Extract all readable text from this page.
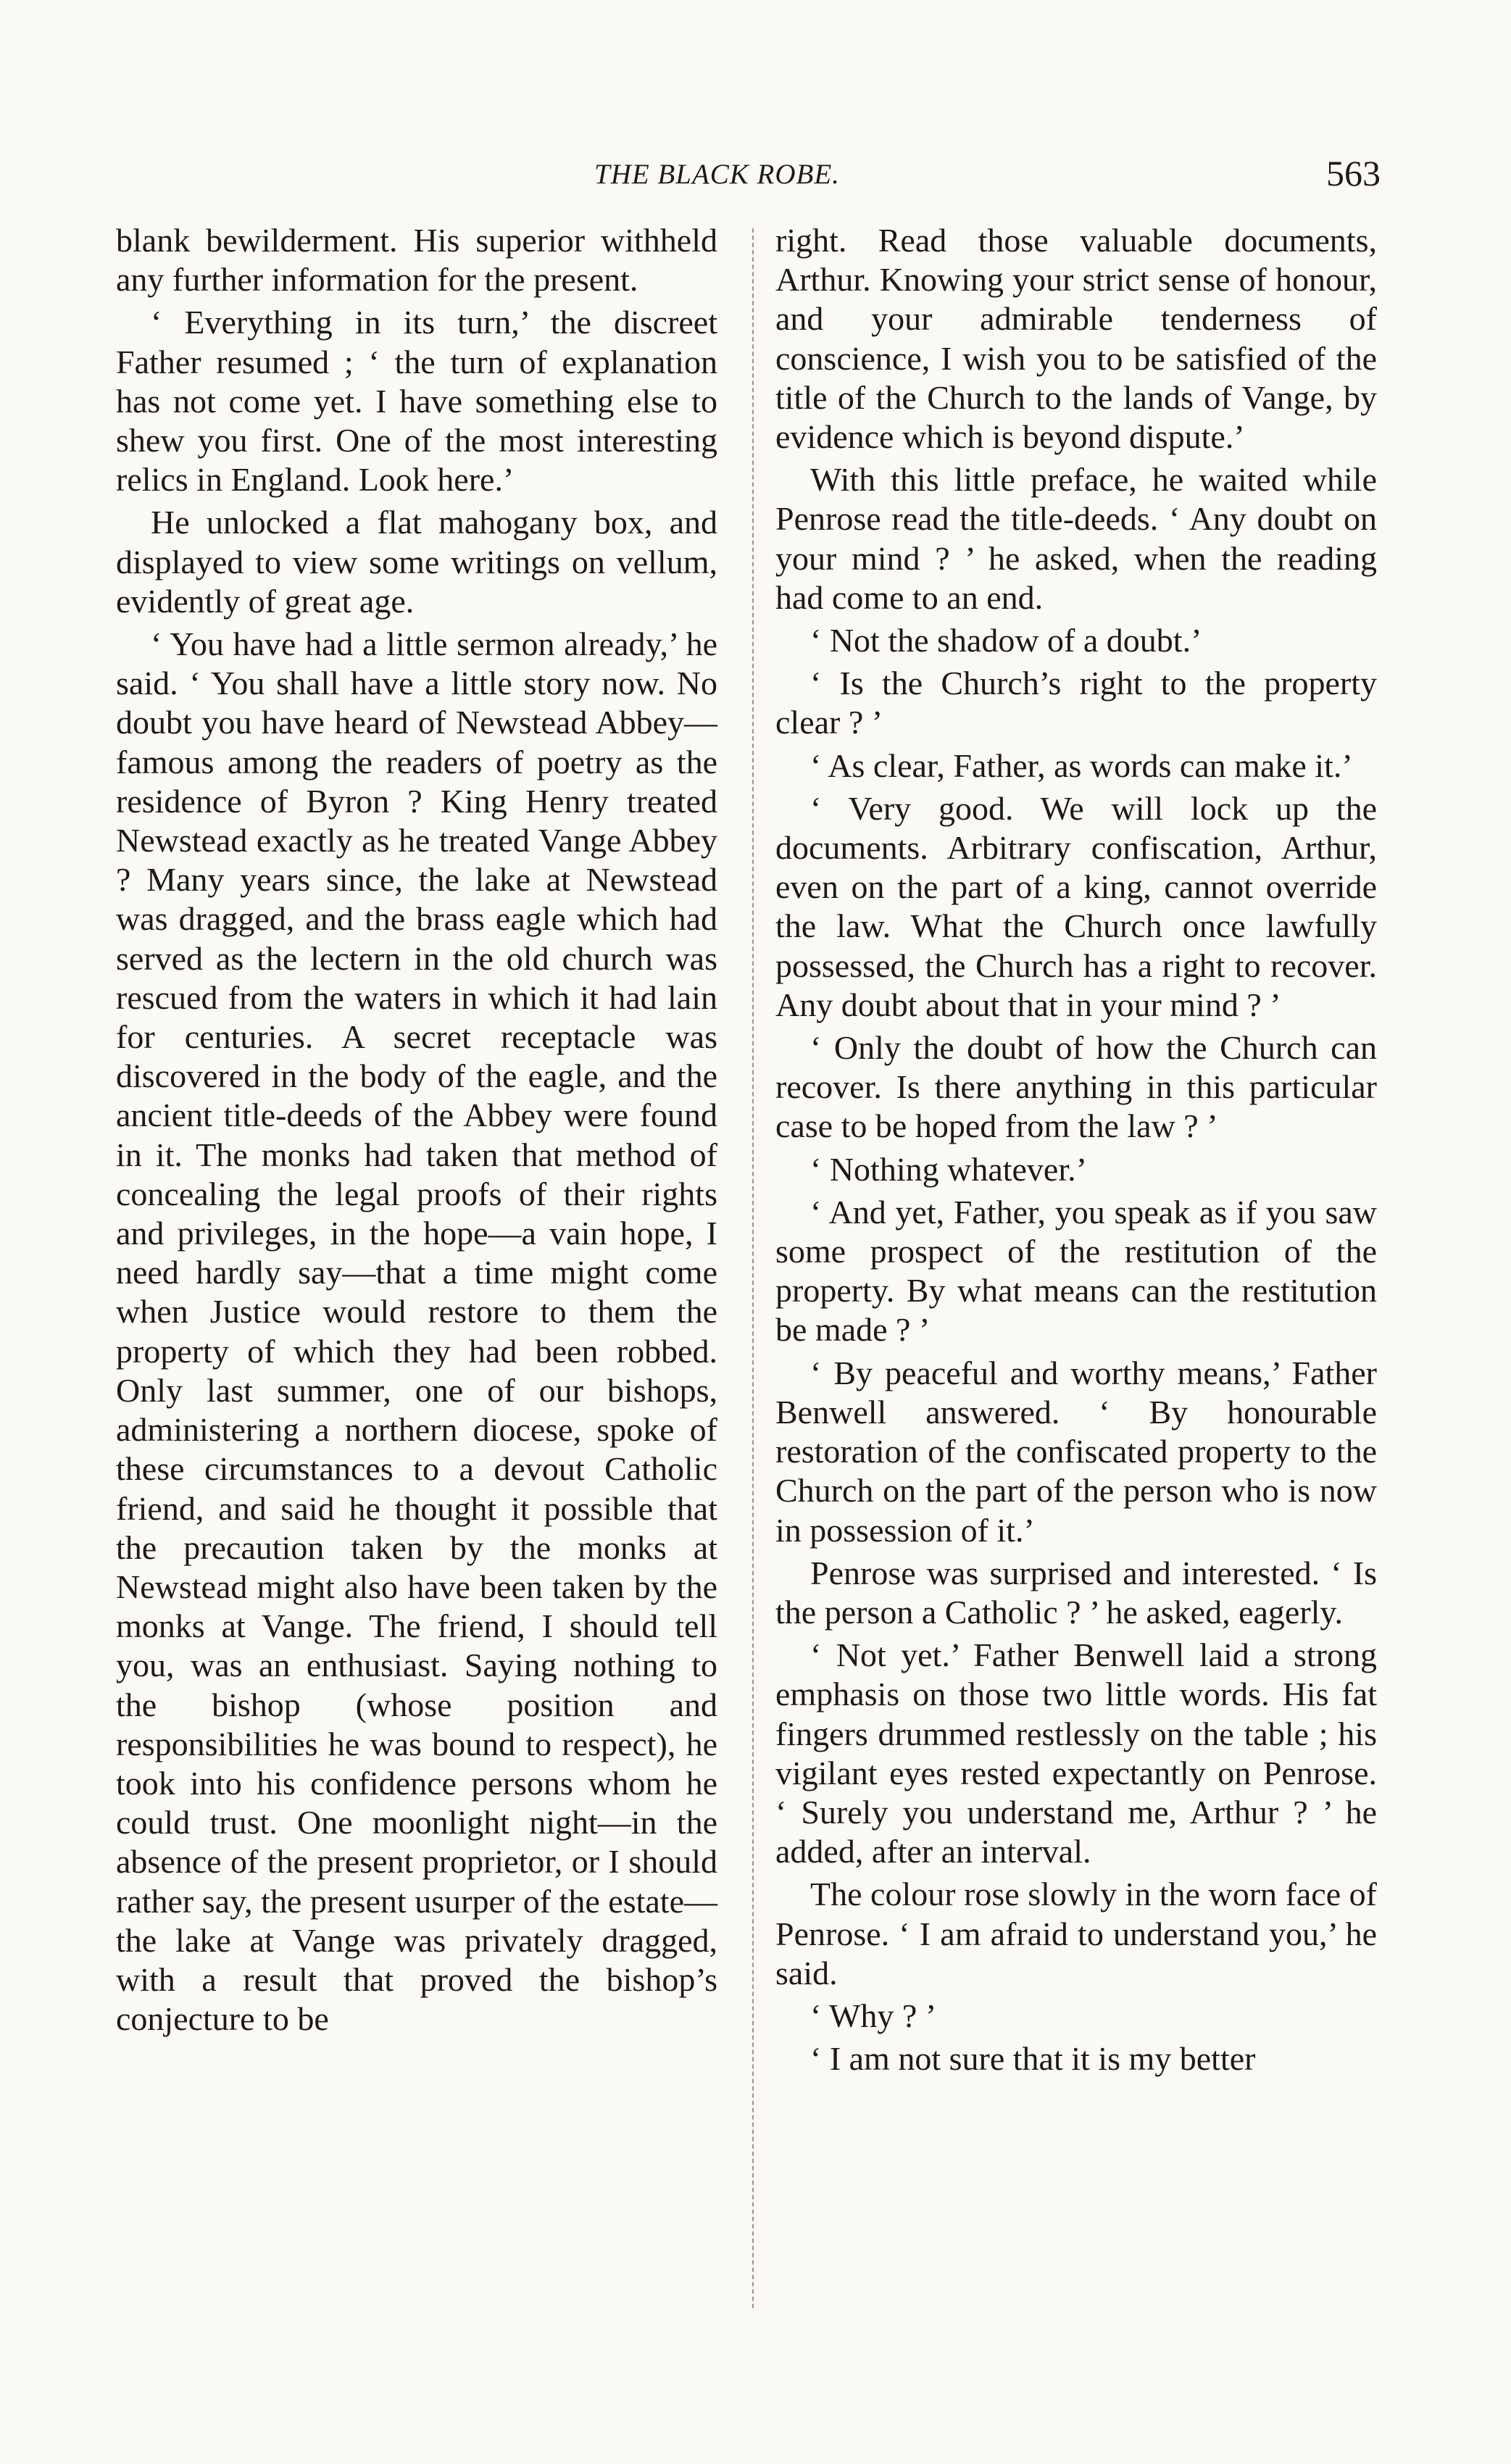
THE BLACK ROBE.	563

blank bewilderment. His superior withheld any further information for the present.

‘ Everything in its turn,’ the discreet Father resumed ; ‘ the turn of explanation has not come yet. I have something else to shew you first. One of the most interesting relics in England. Look here.’

He unlocked a flat mahogany box, and displayed to view some writings on vellum, evidently of great age.

‘ You have had a little sermon already,’ he said. ‘ You shall have a little story now. No doubt you have heard of Newstead Abbey—famous among the readers of poetry as the residence of Byron ? King Henry treated Newstead exactly as he treated Vange Abbey ? Many years since, the lake at Newstead was dragged, and the brass eagle which had served as the lectern in the old church was rescued from the waters in which it had lain for centuries. A secret receptacle was discovered in the body of the eagle, and the ancient title-deeds of the Abbey were found in it. The monks had taken that method of concealing the legal proofs of their rights and privileges, in the hope—a vain hope, I need hardly say—that a time might come when Justice would restore to them the property of which they had been robbed. Only last summer, one of our bishops, administering a northern diocese, spoke of these circumstances to a devout Catholic friend, and said he thought it possible that the precaution taken by the monks at Newstead might also have been taken by the monks at Vange. The friend, I should tell you, was an enthusiast. Saying nothing to the bishop (whose position and responsibilities he was bound to respect), he took into his confidence persons whom he could trust. One moonlight night—in the absence of the present proprietor, or I should rather say, the present usurper of the estate—the lake at Vange was privately dragged, with a result that proved the bishop’s conjecture to be

right. Read those valuable documents, Arthur. Knowing your strict sense of honour, and your admirable tenderness of conscience, I wish you to be satisfied of the title of the Church to the lands of Vange, by evidence which is beyond dispute.’

With this little preface, he waited while Penrose read the title-deeds. ‘ Any doubt on your mind ? ’ he asked, when the reading had come to an end.

‘ Not the shadow of a doubt.’

‘ Is the Church’s right to the property clear ? ’

‘ As clear, Father, as words can make it.’

‘ Very good. We will lock up the documents. Arbitrary confiscation, Arthur, even on the part of a king, cannot override the law. What the Church once lawfully possessed, the Church has a right to recover. Any doubt about that in your mind ? ’

‘ Only the doubt of how the Church can recover. Is there anything in this particular case to be hoped from the law ? ’

‘ Nothing whatever.’

‘ And yet, Father, you speak as if you saw some prospect of the restitution of the property. By what means can the restitution be made ? ’

‘ By peaceful and worthy means,’ Father Benwell answered. ‘ By honourable restoration of the confiscated property to the Church on the part of the person who is now in possession of it.’

Penrose was surprised and interested. ‘ Is the person a Catholic ? ’ he asked, eagerly.

‘ Not yet.’ Father Benwell laid a strong emphasis on those two little words. His fat fingers drummed restlessly on the table ; his vigilant eyes rested expectantly on Penrose. ‘ Surely you understand me, Arthur ? ’ he added, after an interval.

The colour rose slowly in the worn face of Penrose. ‘ I am afraid to understand you,’ he said.

‘ Why ? ’

‘ I am not sure that it is my better
